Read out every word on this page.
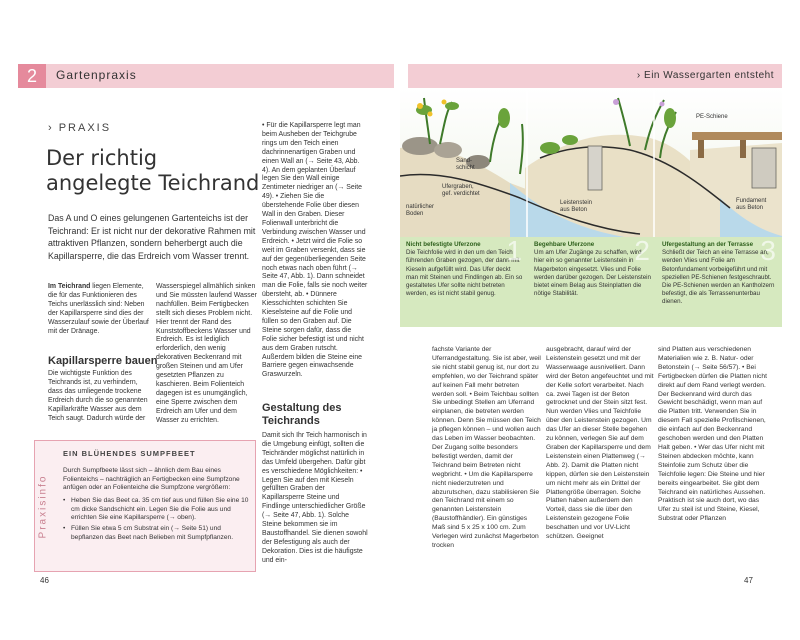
2	Gartenpraxis	› Ein Wassergarten entsteht
› PRAXIS
Der richtig angelegte Teichrand
Das A und O eines gelungenen Gartenteichs ist der Teichrand: Er ist nicht nur der dekorative Rahmen mit attraktiven Pflanzen, sondern beherbergt auch die Kapillarsperre, die das Erdreich vom Wasser trennt.
Im Teichrand liegen Elemente, die für das Funktionieren des Teichs unerlässlich sind: Neben der Kapillarsperre sind dies der Wasserzulauf sowie der Überlauf mit der Dränage.
Kapillarsperre bauen
Die wichtigste Funktion des Teichrands ist, zu verhindern, dass das umliegende trockene Erdreich durch die so genannten Kapillarkräfte Wasser aus dem Teich saugt. Dadurch würde der
Wasserspiegel allmählich sinken und Sie müssten laufend Wasser nachfüllen. Beim Fertigbecken stellt sich dieses Problem nicht. Hier trennt der Rand des Kunststoffbeckens Wasser und Erdreich. Es ist lediglich erforderlich, den wenig dekorativen Beckenrand mit großen Steinen und am Ufer gesetzten Pflanzen zu kaschieren. Beim Folienteich dagegen ist es unumgänglich, eine Sperre zwischen dem Erdreich am Ufer und dem Wasser zu errichten.
Praxisinfo
EIN BLÜHENDES SUMPFBEET
Durch Sumpfbeete lässt sich – ähnlich dem Bau eines Folienteichs – nachträglich an Fertigbecken eine Sumpfzone anfügen oder an Folienteiche die Sumpfzone vergrößern:
• Heben Sie das Beet ca. 35 cm tief aus und füllen Sie eine 10 cm dicke Sandschicht ein. Legen Sie die Folie aus und errichten Sie eine Kapillarsperre (→ oben).
• Füllen Sie etwa 5 cm Substrat ein (→ Seite 51) und bepflanzen das Beet nach Belieben mit Sumpfpflanzen.
46
• Für die Kapillarsperre legt man beim Ausheben der Teichgrube rings um den Teich einen dachrinnenartigen Graben und einen Wall an (→ Seite 43, Abb. 4). An dem geplanten Überlauf legen Sie den Wall einige Zentimeter niedriger an (→ Seite 49). • Ziehen Sie die überstehende Folie über diesen Wall in den Graben. Dieser Folienwall unterbricht die Verbindung zwischen Wasser und Erdreich. • Jetzt wird die Folie so weit im Graben versenkt, dass sie auf der gegenüberliegenden Seite noch etwas nach oben führt (→ Seite 47, Abb. 1). Dann schneidet man die Folie, falls sie noch weiter übersteht, ab. • Dünnere Kiesschichten schichten Sie Kieselsteine auf die Folie und füllen so den Graben auf. Die Steine sorgen dafür, dass die Folie sicher befestigt ist und nicht aus dem Graben rutscht. Außerdem bilden die Steine eine Barriere gegen einwachsende Graswurzeln.
Gestaltung des Teichrands
Damit sich Ihr Teich harmonisch in die Umgebung einfügt, sollten die Teichränder möglichst natürlich in das Umfeld übergehen. Dafür gibt es verschiedene Möglichkeiten: • Legen Sie auf den mit Kieseln gefüllten Graben der Kapillarsperre Steine und Findlinge unterschiedlicher Größe (→ Seite 47, Abb. 1). Solche Steine bekommen sie im Baustoffhandel. Sie dienen sowohl der Befestigung als auch der Dekoration. Dies ist die häufigste und ein-
Sand-
schicht
Ufergraben,
gef. verdichtet
natürlicher
Boden
Leistenstein
aus Beton
PE-Schiene
Fundament
aus Beton
Nicht befestigte Uferzone
Die Teichfolie wird in den um den Teich führenden Graben gezogen, der dann mit Kieseln aufgefüllt wird. Das Ufer deckt man mit Steinen und Findlingen ab. Ein so gestaltetes Ufer sollte nicht betreten werden, es ist nicht stabil genug.
1 Begehbare Uferzone
Um am Ufer Zugänge zu schaffen, wird hier ein so genannter Leistenstein in Magerbeton eingesetzt. Vlies und Folie werden darüber gezogen. Der Leistenstein bietet einem Belag aus Steinplatten die nötige Stabilität.
2 Ufergestaltung an der Terrasse
Schließt der Teich an eine Terrasse an, werden Vlies und Folie am Betonfundament vorbeigeführt und mit speziellen PE-Schienen festgeschraubt. Die PE-Schienen werden an Kantholzern befestigt, die als Terrassenunterbau dienen.
3
fachste Variante der Uferrandgestaltung. Sie ist aber, weil sie nicht stabil genug ist, nur dort zu empfehlen, wo der Teichrand später auf keinen Fall mehr betreten werden soll. • Beim Teichbau sollten Sie unbedingt Stellen am Uferrand einplanen, die betreten werden können. Denn Sie müssen den Teich ja pflegen können – und wollen auch das Leben im Wasser beobachten. Der Zugang sollte besonders befestigt werden, damit der Teichrand beim Betreten nicht wegbricht. • Um die Kapillarsperre nicht niederzutreten und abzurutschen, dazu stabilisieren Sie den Teichrand mit einem so genannten Leistenstein (Baustoffhändler). Ein günstiges Maß sind 5 x 25 x 100 cm. Zum Verlegen wird zunächst Magerbeton trocken
ausgebracht, darauf wird der Leistenstein gesetzt und mit der Wasserwaage ausnivelliert. Dann wird der Beton angefeuchtet und mit der Kelle sofort verarbeitet. Nach ca. zwei Tagen ist der Beton getrocknet und der Stein sitzt fest. Nun werden Vlies und Teichfolie über den Leistenstein gezogen. Um das Ufer an dieser Stelle begehen zu können, verlegen Sie auf dem Graben der Kapillarsperre und dem Leistenstein einen Plattenweg (→ Abb. 2). Damit die Platten nicht kippen, dürfen sie den Leistenstein um nicht mehr als ein Drittel der Plattengröße überragen. Solche Platten haben außerdem den Vorteil, dass sie die über den Leistenstein gezogene Folie beschatten und vor UV-Licht schützen. Geeignet
sind Platten aus verschiedenen Materialien wie z. B. Natur- oder Betonstein (→ Seite 56/57). • Bei Fertigbecken dürfen die Platten nicht direkt auf dem Rand verlegt werden. Der Beckenrand wird durch das Gewicht beschädigt, wenn man auf die Platten tritt. Verwenden Sie in diesem Fall spezielle Profilschienen, die einfach auf den Beckenrand geschoben werden und den Platten Halt geben. • Wer das Ufer nicht mit Steinen abdecken möchte, kann Steinfolie zum Schutz über die Teichfolie legen: Die Steine und hier bereits eingearbeitet. Sie gibt dem Teichrand ein natürliches Aussehen. Praktisch ist sie auch dort, wo das Ufer zu steil ist und Steine, Kiesel, Substrat oder Pflanzen
47
